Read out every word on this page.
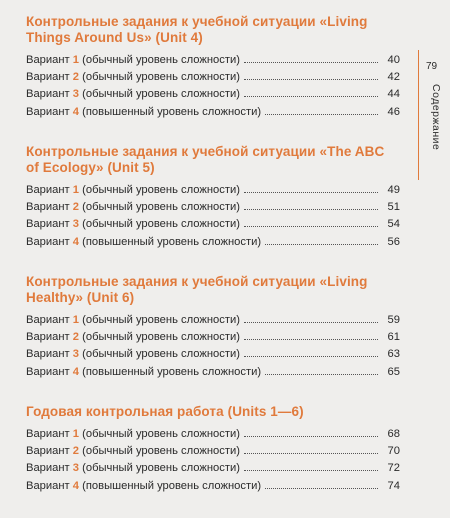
Контрольные задания к учебной ситуации «Living Things Around Us» (Unit 4)
Вариант 1 (обычный уровень сложности)	40
Вариант 2 (обычный уровень сложности)	42
Вариант 3 (обычный уровень сложности)	44
Вариант 4 (повышенный уровень сложности)	46
Контрольные задания к учебной ситуации «The ABC of Ecology» (Unit 5)
Вариант 1 (обычный уровень сложности)	49
Вариант 2 (обычный уровень сложности)	51
Вариант 3 (обычный уровень сложности)	54
Вариант 4 (повышенный уровень сложности)	56
Контрольные задания к учебной ситуации «Living Healthy» (Unit 6)
Вариант 1 (обычный уровень сложности)	59
Вариант 2 (обычный уровень сложности)	61
Вариант 3 (обычный уровень сложности)	63
Вариант 4 (повышенный уровень сложности)	65
Годовая контрольная работа (Units 1—6)
Вариант 1 (обычный уровень сложности)	68
Вариант 2 (обычный уровень сложности)	70
Вариант 3 (обычный уровень сложности)	72
Вариант 4 (повышенный уровень сложности)	74
79
Содержание
